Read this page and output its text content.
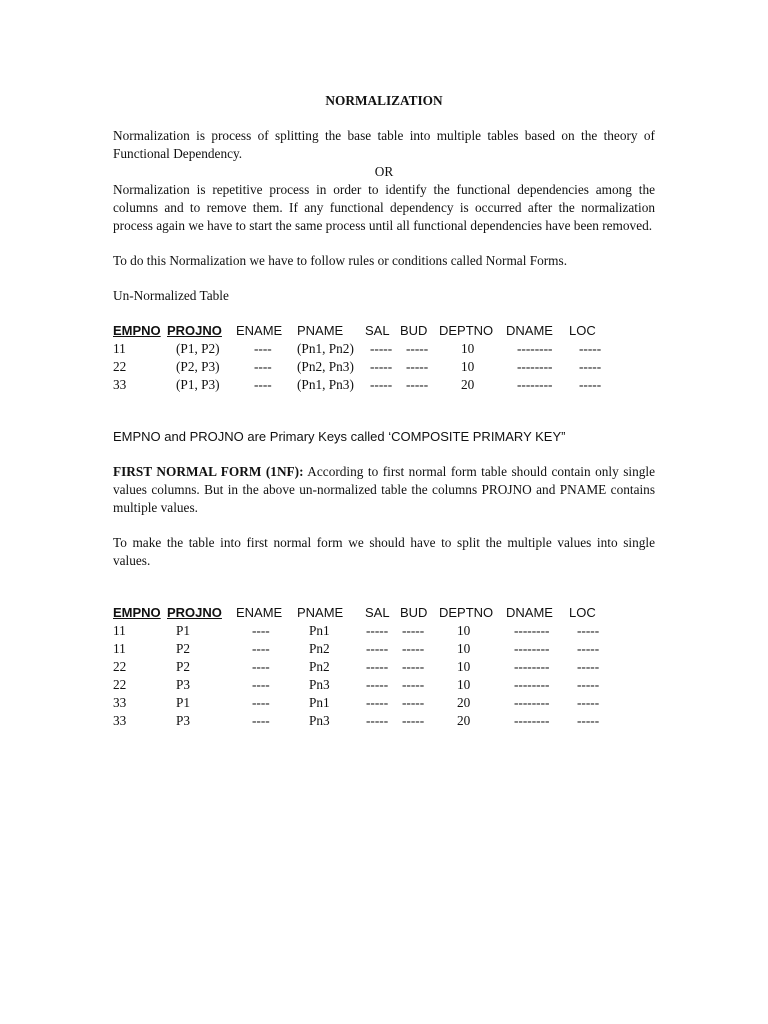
NORMALIZATION

Normalization is process of splitting the base table into multiple tables based on the theory of Functional Dependency.

OR

Normalization is repetitive process in order to identify the functional dependencies among the columns and to remove them. If any functional dependency is occurred after the normalization process again we have to start the same process until all functional dependencies have been removed.

To do this Normalization we have to follow rules or conditions called Normal Forms.

Un-Normalized Table

EMPNO PROJNO ENAME PNAME SAL BUD DEPTNO DNAME LOC
11	(P1, P2)	---- (Pn1, Pn2) ----- ----- 10	-------- -----
22	(P2, P3)	---- (Pn2, Pn3) ----- ----- 10	-------- -----
33	(P1, P3)	---- (Pn1, Pn3) ----- ----- 20	-------- -----

EMPNO and PROJNO are Primary Keys called ‘COMPOSITE PRIMARY KEY”

FIRST NORMAL FORM (1NF): According to first normal form table should contain only single values columns. But in the above un-normalized table the columns PROJNO and PNAME contains multiple values.

To make the table into first normal form we should have to split the multiple values into single values.

EMPNO PROJNO ENAME PNAME SAL BUD DEPTNO DNAME LOC
11	P1	----	Pn1	----- ----- 10	-------- -----
11	P2	----	Pn2	----- ----- 10	-------- -----
22	P2	----	Pn2	----- ----- 10	-------- -----
22	P3	----	Pn3	----- ----- 10	-------- -----
33	P1	----	Pn1	----- ----- 20	-------- -----
33	P3	----	Pn3	----- ----- 20	-------- -----
